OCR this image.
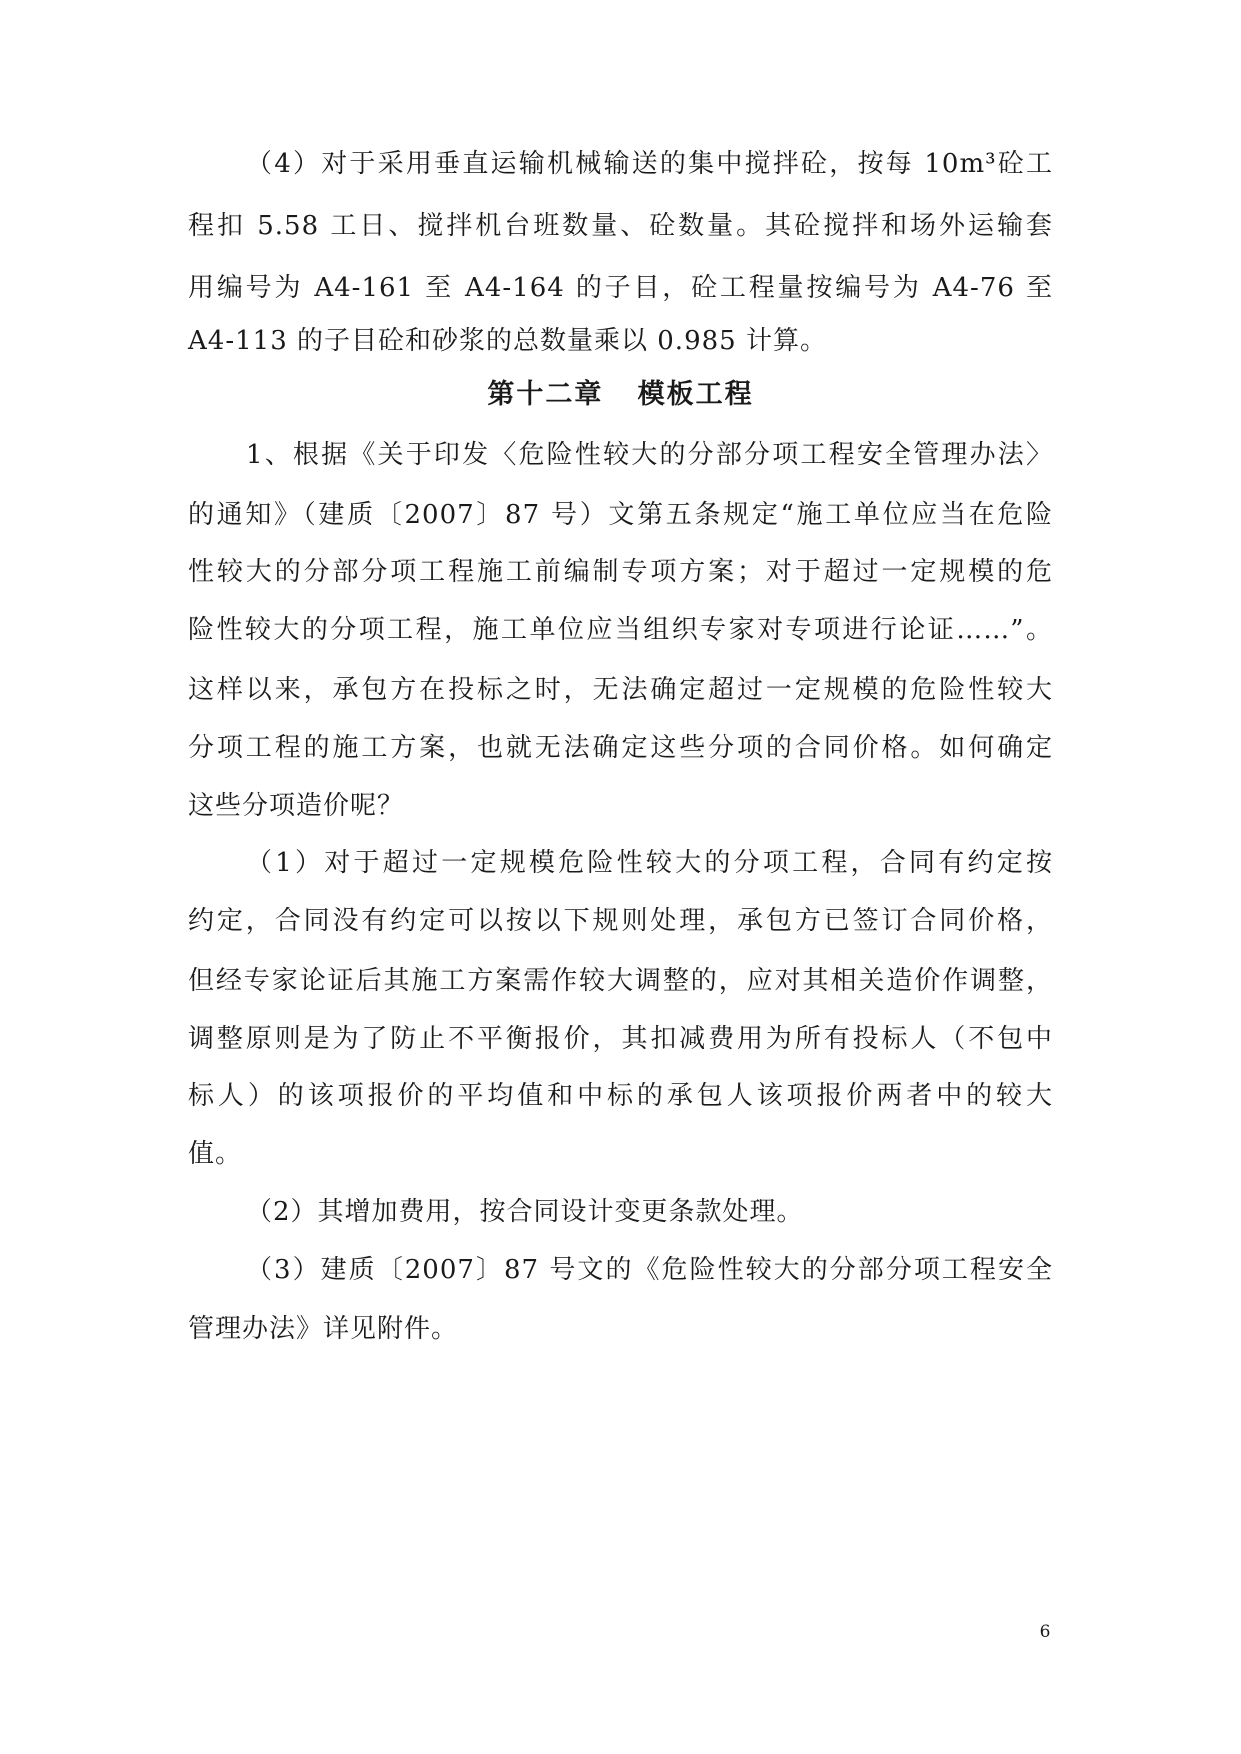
（4）对于采用垂直运输机械输送的集中搅拌砼，按每 10m³砼工
程扣 5.58 工日、搅拌机台班数量、砼数量。其砼搅拌和场外运输套
用编号为 A4-161 至 A4-164 的子目，砼工程量按编号为 A4-76 至
A4-113 的子目砼和砂浆的总数量乘以 0.985 计算。
第十二章   模板工程
1、根据《关于印发〈危险性较大的分部分项工程安全管理办法〉
的通知》（建质〔2007〕87 号）文第五条规定“施工单位应当在危险
性较大的分部分项工程施工前编制专项方案；对于超过一定规模的危
险性较大的分项工程，施工单位应当组织专家对专项进行论证……”。
这样以来，承包方在投标之时，无法确定超过一定规模的危险性较大
分项工程的施工方案，也就无法确定这些分项的合同价格。如何确定
这些分项造价呢？
（1）对于超过一定规模危险性较大的分项工程，合同有约定按
约定，合同没有约定可以按以下规则处理，承包方已签订合同价格，
但经专家论证后其施工方案需作较大调整的，应对其相关造价作调整，
调整原则是为了防止不平衡报价，其扣减费用为所有投标人（不包中
标人）的该项报价的平均值和中标的承包人该项报价两者中的较大
值。
（2）其增加费用，按合同设计变更条款处理。
（3）建质〔2007〕87 号文的《危险性较大的分部分项工程安全
管理办法》详见附件。
6
